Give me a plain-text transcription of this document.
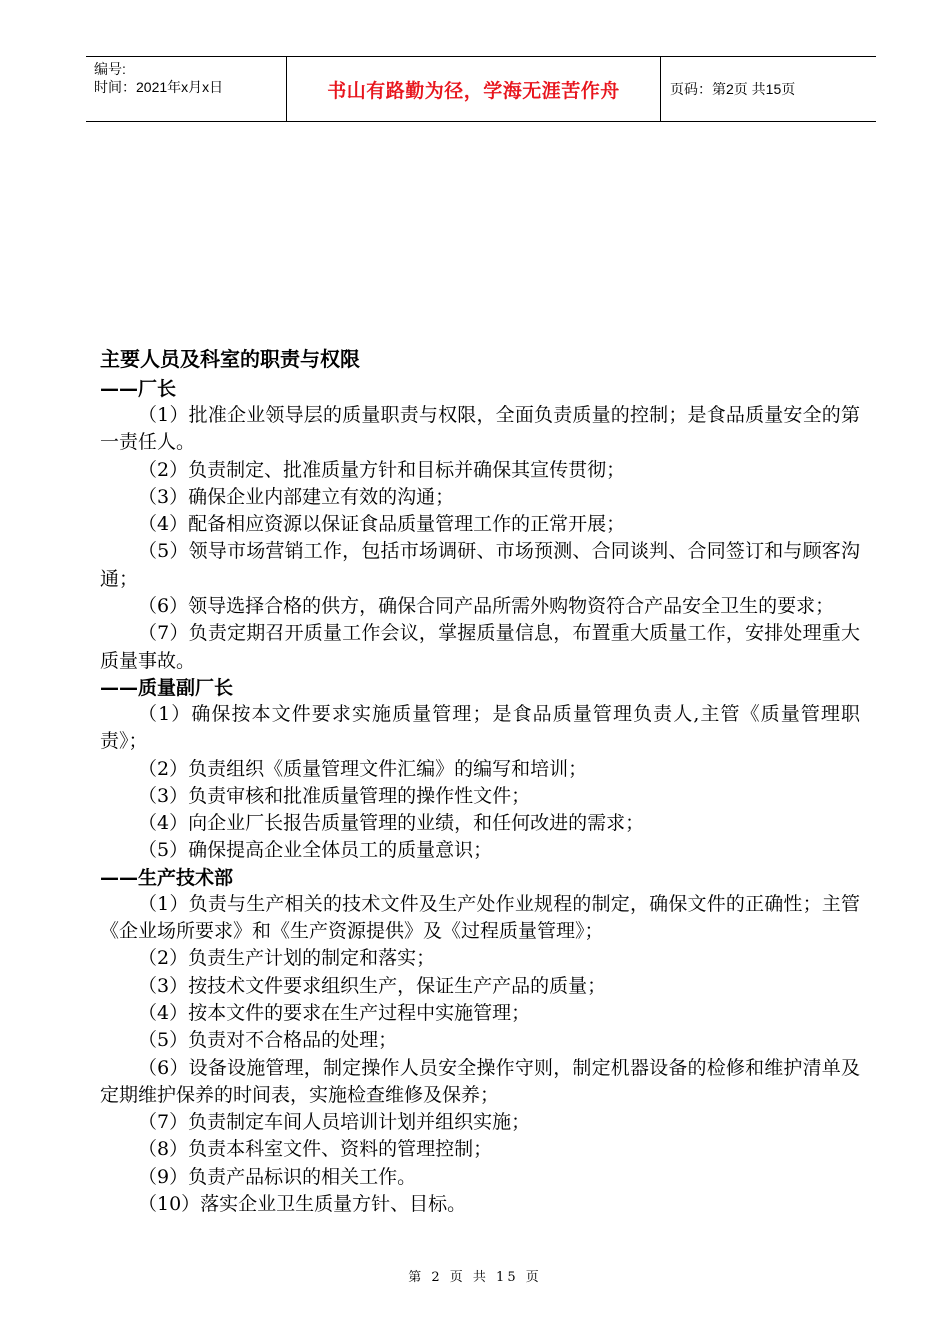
编号:
时间：2021年x月x日	书山有路勤为径，学海无涯苦作舟	页码：第2页 共15页
主要人员及科室的职责与权限
——厂长

（1）批准企业领导层的质量职责与权限，全面负责质量的控制；是食品质量安全的第一责任人。

（2）负责制定、批准质量方针和目标并确保其宣传贯彻；

（3）确保企业内部建立有效的沟通；

（4）配备相应资源以保证食品质量管理工作的正常开展；

（5）领导市场营销工作，包括市场调研、市场预测、合同谈判、合同签订和与顾客沟通；

（6）领导选择合格的供方，确保合同产品所需外购物资符合产品安全卫生的要求；

（7）负责定期召开质量工作会议，掌握质量信息，布置重大质量工作，安排处理重大质量事故。

——质量副厂长

（1）确保按本文件要求实施质量管理；是食品质量管理负责人,主管《质量管理职责》；

（2）负责组织《质量管理文件汇编》的编写和培训；

（3）负责审核和批准质量管理的操作性文件；

（4）向企业厂长报告质量管理的业绩，和任何改进的需求；

（5）确保提高企业全体员工的质量意识；

——生产技术部

（1）负责与生产相关的技术文件及生产处作业规程的制定，确保文件的正确性；主管《企业场所要求》和《生产资源提供》及《过程质量管理》；

（2）负责生产计划的制定和落实；

（3）按技术文件要求组织生产，保证生产产品的质量；

（4）按本文件的要求在生产过程中实施管理；

（5）负责对不合格品的处理；

（6）设备设施管理，制定操作人员安全操作守则，制定机器设备的检修和维护清单及定期维护保养的时间表，实施检查维修及保养；

（7）负责制定车间人员培训计划并组织实施；

（8）负责本科室文件、资料的管理控制；

（9）负责产品标识的相关工作。

（10）落实企业卫生质量方针、目标。

第 2 页 共 15 页
